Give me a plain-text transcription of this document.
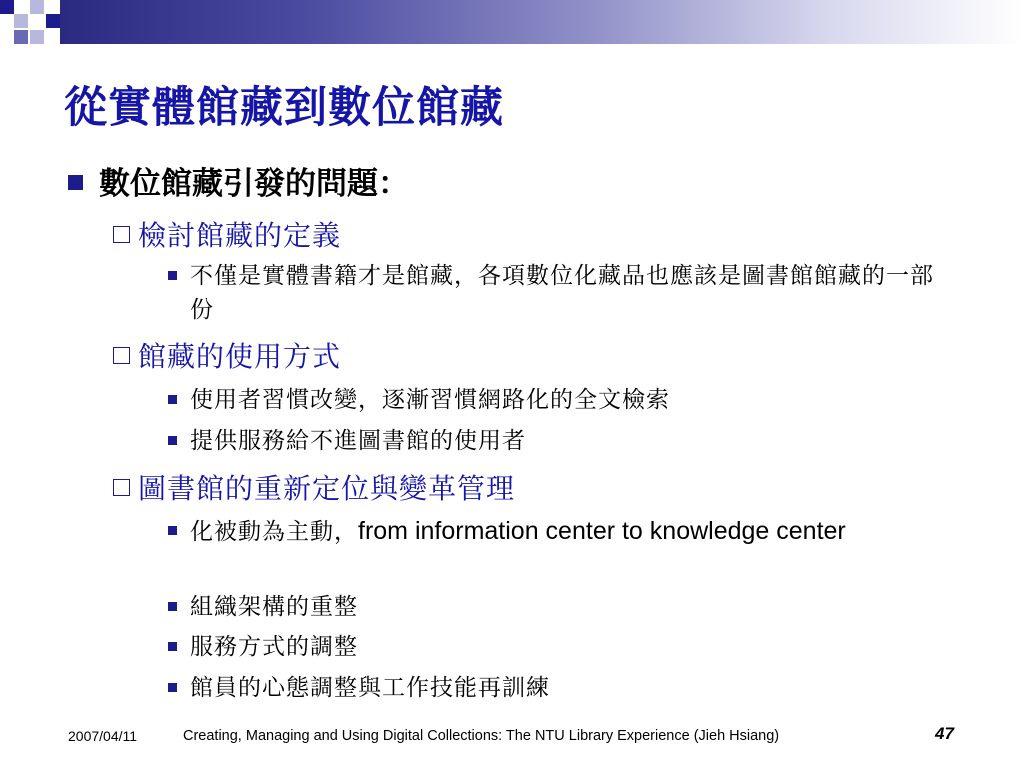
從實體館藏到數位館藏
數位館藏引發的問題：
檢討館藏的定義
不僅是實體書籍才是館藏，各項數位化藏品也應該是圖書館館藏的一部份
館藏的使用方式
使用者習慣改變，逐漸習慣網路化的全文檢索
提供服務給不進圖書館的使用者
圖書館的重新定位與變革管理
化被動為主動，from information center to knowledge center
組織架構的重整
服務方式的調整
館員的心態調整與工作技能再訓練
2007/04/11	Creating, Managing and Using Digital Collections: The NTU Library Experience (Jieh Hsiang)	47
